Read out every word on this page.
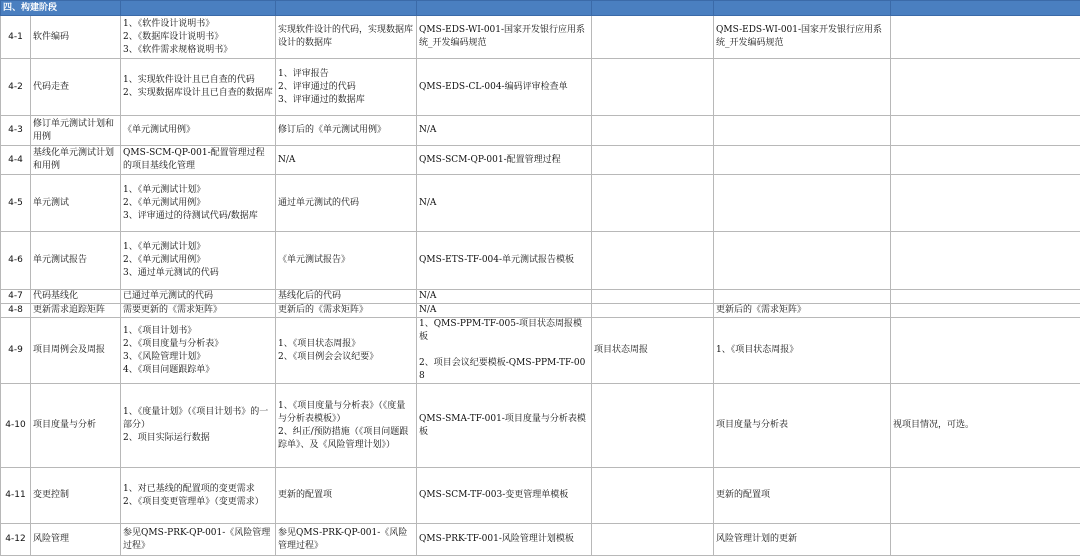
四、构建阶段							
4-1	软件编码	1、《软件设计说明书》
2、《数据库设计说明书》
3、《软件需求规格说明书》	实现软件设计的代码，实现数据库设计的数据库	QMS-EDS-WI-001-国家开发银行应用系统_开发编码规范		QMS-EDS-WI-001-国家开发银行应用系统_开发编码规范	

4-2	代码走查	1、实现软件设计且已自查的代码
2、实现数据库设计且已自查的数据库	1、评审报告
2、评审通过的代码
3、评审通过的数据库	QMS-EDS-CL-004-编码评审检查单			

4-3	修订单元测试计划和用例	《单元测试用例》	修订后的《单元测试用例》	N/A			

4-4	基线化单元测试计划和用例	QMS-SCM-QP-001-配置管理过程的项目基线化管理	N/A	QMS-SCM-QP-001-配置管理过程			

4-5	单元测试	1、《单元测试计划》
2、《单元测试用例》
3、评审通过的待测试代码/数据库	通过单元测试的代码	N/A			

4-6	单元测试报告	1、《单元测试计划》
2、《单元测试用例》
3、通过单元测试的代码	《单元测试报告》	QMS-ETS-TF-004-单元测试报告模板			

4-7	代码基线化	已通过单元测试的代码	基线化后的代码	N/A			

4-8	更新需求追踪矩阵	需要更新的《需求矩阵》	更新后的《需求矩阵》	N/A		更新后的《需求矩阵》	

4-9	项目周例会及周报	1、《项目计划书》
2、《项目度量与分析表》
3、《风险管理计划》
4、《项目问题跟踪单》	1、《项目状态周报》
2、《项目例会会议纪要》	1、QMS-PPM-TF-005-项目状态周报模板
2、项目会议纪要模板-QMS-PPM-TF-008	项目状态周报	1、《项目状态周报》	

4-10	项目度量与分析	1、《度量计划》（《项目计划书》的一部分）
2、项目实际运行数据	1、《项目度量与分析表》（《度量与分析表模板》）
2、纠正/预防措施（《项目问题跟踪单》、及《风险管理计划》）	QMS-SMA-TF-001-项目度量与分析表模板		项目度量与分析表	视项目情况，可选。

4-11	变更控制	1、对已基线的配置项的变更需求
2、《项目变更管理单》（变更需求）	更新的配置项	QMS-SCM-TF-003-变更管理单模板		更新的配置项	

4-12	风险管理	参见QMS-PRK-QP-001-《风险管理过程》	参见QMS-PRK-QP-001-《风险管理过程》	QMS-PRK-TF-001-风险管理计划模板		风险管理计划的更新	
